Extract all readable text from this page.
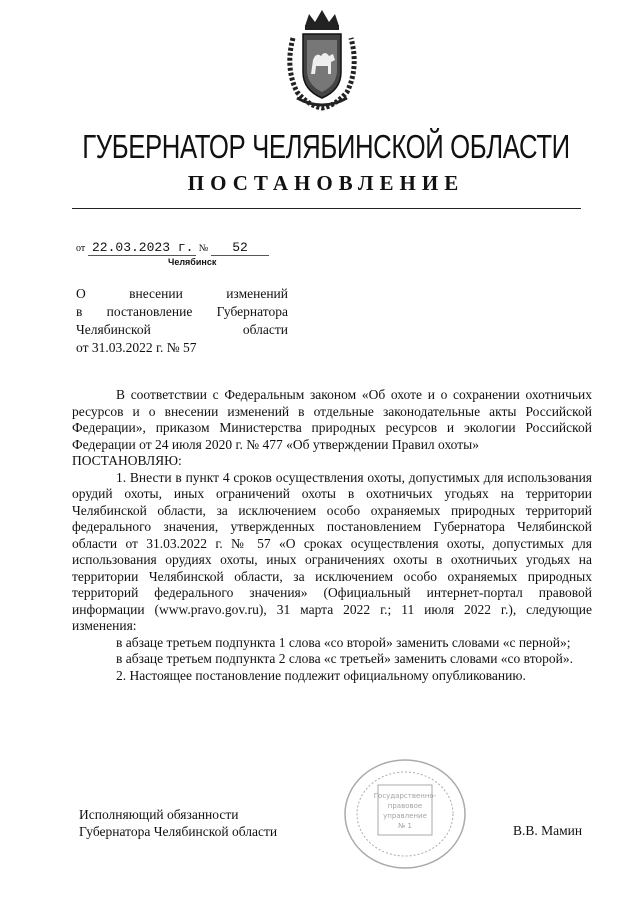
ГУБЕРНАТОР ЧЕЛЯБИНСКОЙ ОБЛАСТИ
ПОСТАНОВЛЕНИЕ
от 22.03.2023 г. № 52
Челябинск
О внесении изменений
в постановление Губернатора
Челябинской области
от 31.03.2022 г. № 57

В соответствии с Федеральным законом «Об охоте и о сохранении охотничьих ресурсов и о внесении изменений в отдельные законодательные акты Российской Федерации», приказом Министерства природных ресурсов и экологии Российской Федерации от 24 июля 2020 г. № 477 «Об утверждении Правил охоты»

ПОСТАНОВЛЯЮ:

1. Внести в пункт 4 сроков осуществления охоты, допустимых для использования орудий охоты, иных ограничений охоты в охотничьих угодьях на территории Челябинской области, за исключением особо охраняемых природных территорий федерального значения, утвержденных постановлением Губернатора Челябинской области от 31.03.2022 г. № 57 «О сроках осуществления охоты, допустимых для использования орудиях охоты, иных ограничениях охоты в охотничьих угодьях на территории Челябинской области, за исключением особо охраняемых природных территорий федерального значения» (Официальный интернет-портал правовой информации (www.pravo.gov.ru), 31 марта 2022 г.; 11 июля 2022 г.), следующие изменения:

в абзаце третьем подпункта 1 слова «со второй» заменить словами «с перной»;

в абзаце третьем подпункта 2 слова «с третьей» заменить словами «со второй».

2. Настоящее постановление подлежит официальному опубликованию.

Государственно-
правовое
управление
№ 1
Исполняющий обязанности
Губернатора Челябинской области	В.В. Мамин
